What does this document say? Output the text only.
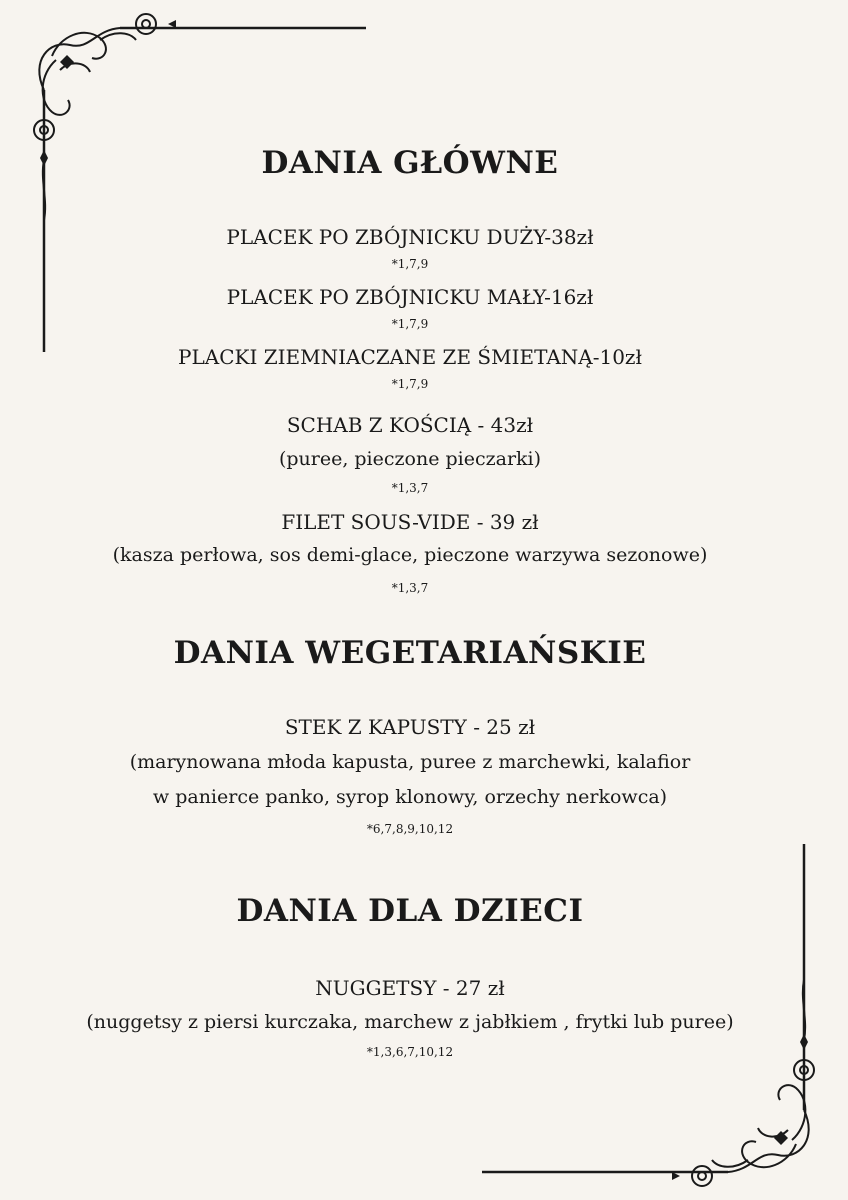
DANIA GŁÓWNE
PLACEK PO ZBÓJNICKU DUŻY-38zł
*1,7,9
PLACEK PO ZBÓJNICKU MAŁY-16zł
*1,7,9
PLACKI ZIEMNIACZANE ZE ŚMIETANĄ-10zł
*1,7,9
SCHAB Z KOŚCIĄ - 43zł
(puree, pieczone pieczarki)
*1,3,7
FILET SOUS-VIDE - 39 zł
(kasza perłowa, sos demi-glace, pieczone warzywa sezonowe)
*1,3,7
DANIA WEGETARIAŃSKIE
STEK Z KAPUSTY - 25 zł
(marynowana młoda kapusta, puree z marchewki, kalafior
w panierce panko, syrop klonowy, orzechy nerkowca)
*6,7,8,9,10,12
DANIA DLA DZIECI
NUGGETSY - 27 zł
(nuggetsy z piersi kurczaka, marchew z jabłkiem , frytki lub puree)
*1,3,6,7,10,12
